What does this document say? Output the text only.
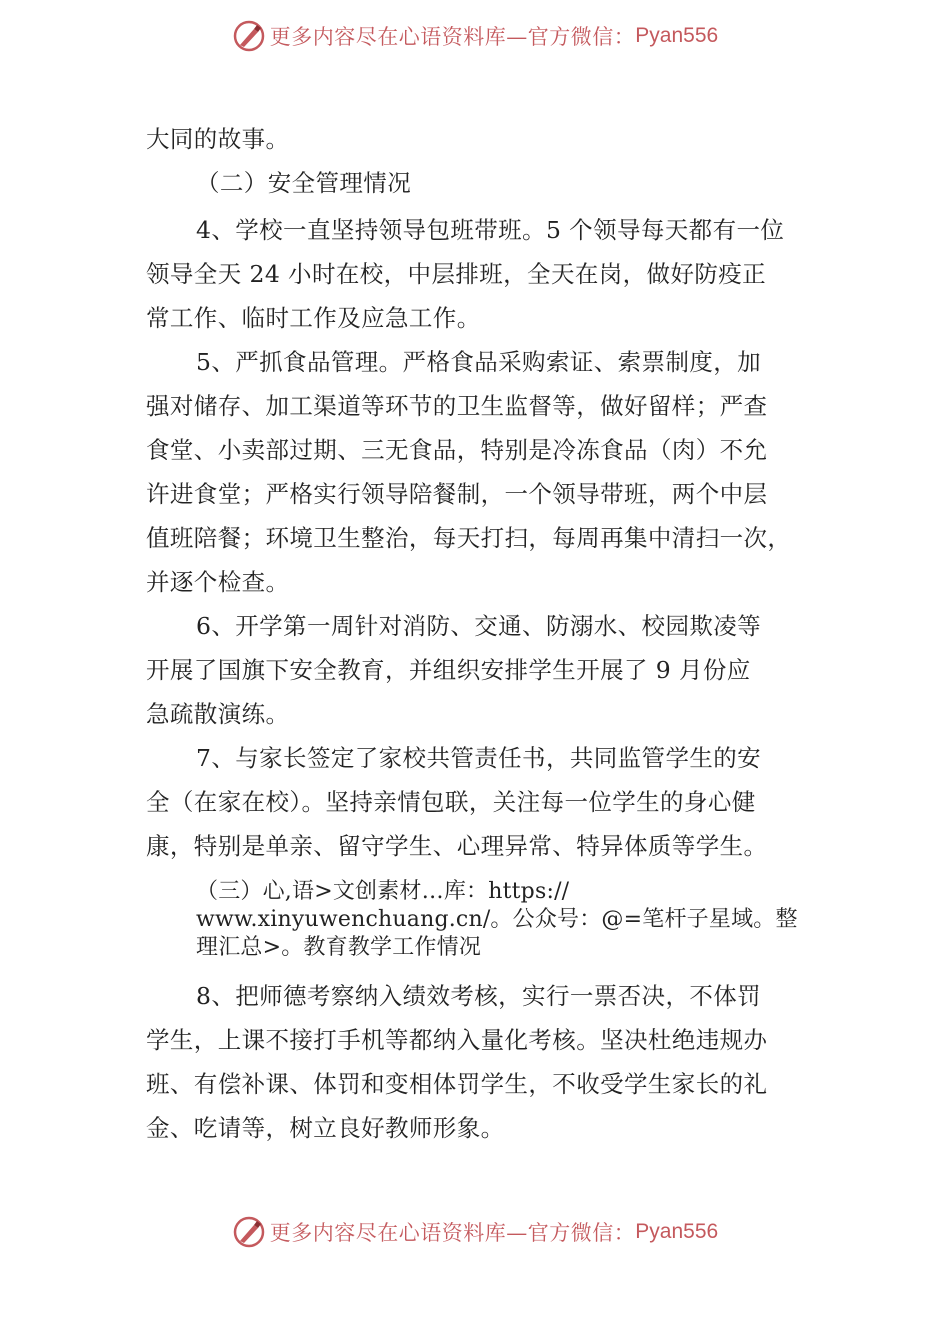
更多内容尽在心语资料库—官方微信： Pyan556
大同的故事。
（二）安全管理情况
4、学校一直坚持领导包班带班。5 个领导每天都有一位
领导全天 24 小时在校，中层排班，全天在岗，做好防疫正
常工作、临时工作及应急工作。
5、严抓食品管理。严格食品采购索证、索票制度，加
强对储存、加工渠道等环节的卫生监督等，做好留样；严查
食堂、小卖部过期、三无食品，特别是冷冻食品（肉）不允
许进食堂；严格实行领导陪餐制，一个领导带班，两个中层
值班陪餐；环境卫生整治，每天打扫，每周再集中清扫一次，
并逐个检查。
6、开学第一周针对消防、交通、防溺水、校园欺凌等
开展了国旗下安全教育，并组织安排学生开展了 9 月份应
急疏散演练。
7、与家长签定了家校共管责任书，共同监管学生的安
全（在家在校）。坚持亲情包联，关注每一位学生的身心健
康，特别是单亲、留守学生、心理异常、特异体质等学生。
（三）心,语>文创素材…库：https://
www.xinyuwenchuang.cn/。公众号：@=笔杆子星域。整
理汇总>。教育教学工作情况
8、把师德考察纳入绩效考核，实行一票否决，不体罚
学生，上课不接打手机等都纳入量化考核。坚决杜绝违规办
班、有偿补课、体罚和变相体罚学生，不收受学生家长的礼
金、吃请等，树立良好教师形象。
更多内容尽在心语资料库—官方微信： Pyan556
